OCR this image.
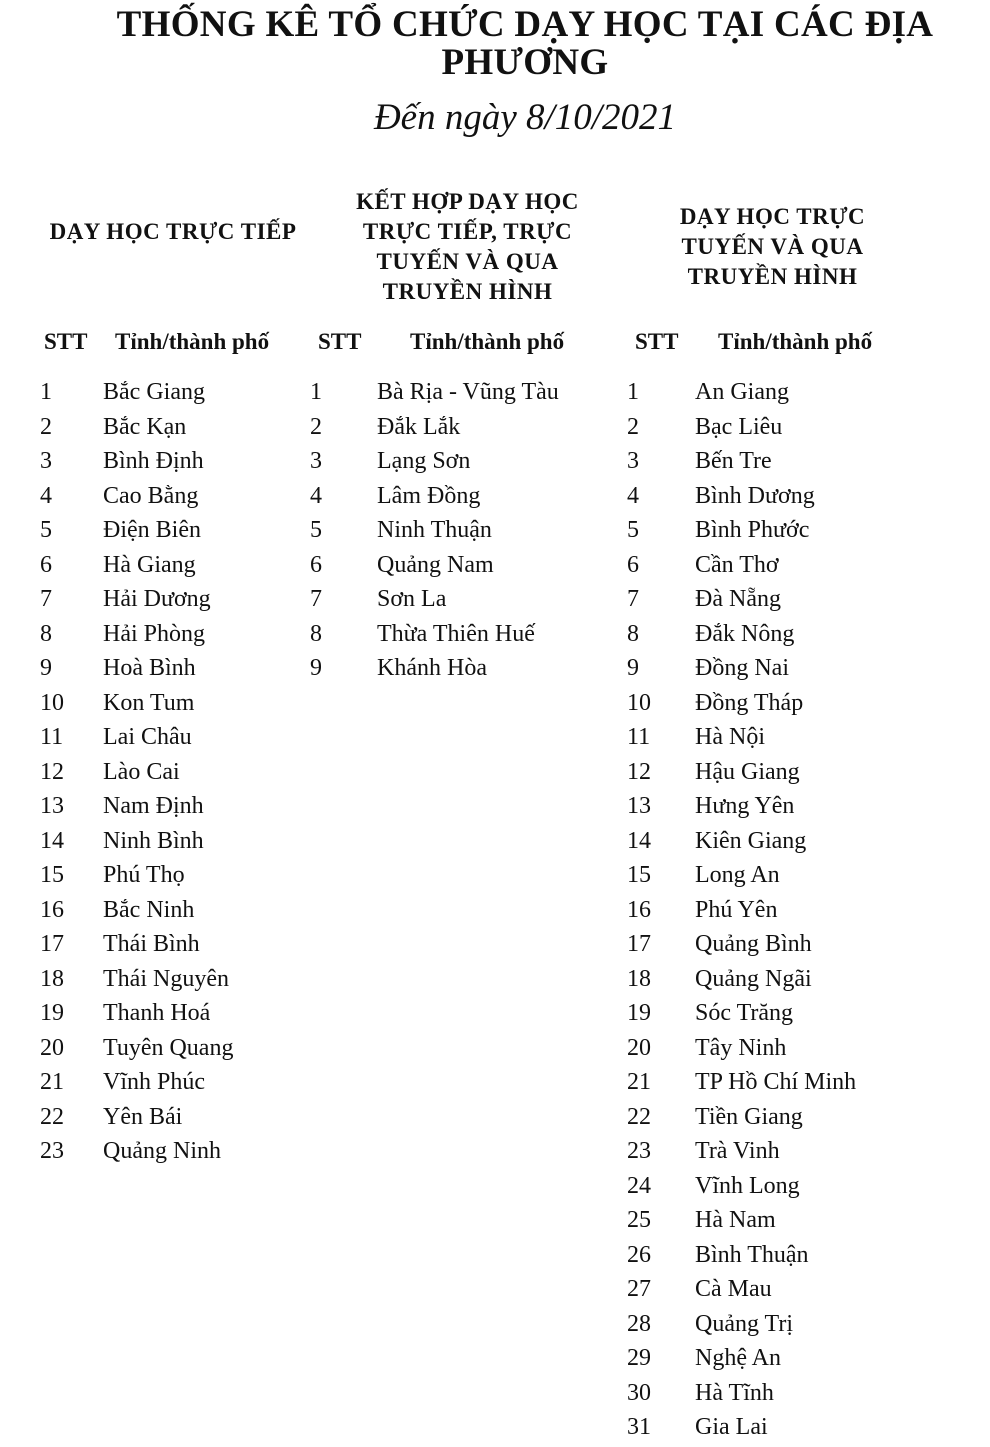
THỐNG KÊ TỔ CHỨC DẠY HỌC TẠI CÁC ĐỊA PHƯƠNG
Đến ngày 8/10/2021
DẠY HỌC TRỰC TIẾP
KẾT HỢP DẠY HỌC TRỰC TIẾP, TRỰC TUYẾN VÀ QUA TRUYỀN HÌNH
DẠY HỌC TRỰC TUYẾN VÀ QUA TRUYỀN HÌNH
STT Tỉnh/thành phố STT Tỉnh/thành phố	STT Tỉnh/thành phố
1 Bắc Giang
2 Bắc Kạn
3 Bình Định
4 Cao Bằng
5 Điện Biên
6 Hà Giang
7 Hải Dương
8 Hải Phòng
9 Hoà Bình
10 Kon Tum
11 Lai Châu
12 Lào Cai
13 Nam Định
14 Ninh Bình
15 Phú Thọ
16 Bắc Ninh
17 Thái Bình
18 Thái Nguyên
19 Thanh Hoá
20 Tuyên Quang
21 Vĩnh Phúc
22 Yên Bái
23 Quảng Ninh
1 Bà Rịa - Vũng Tàu
2 Đắk Lắk
3 Lạng Sơn
4 Lâm Đồng
5 Ninh Thuận
6 Quảng Nam
7 Sơn La
8 Thừa Thiên Huế
9 Khánh Hòa
1 An Giang
2 Bạc Liêu
3 Bến Tre
4 Bình Dương
5 Bình Phước
6 Cần Thơ
7 Đà Nẵng
8 Đắk Nông
9 Đồng Nai
10 Đồng Tháp
11 Hà Nội
12 Hậu Giang
13 Hưng Yên
14 Kiên Giang
15 Long An
16 Phú Yên
17 Quảng Bình
18 Quảng Ngãi
19 Sóc Trăng
20 Tây Ninh
21 TP Hồ Chí Minh
22 Tiền Giang
23 Trà Vinh
24 Vĩnh Long
25 Hà Nam
26 Bình Thuận
27 Cà Mau
28 Quảng Trị
29 Nghệ An
30 Hà Tĩnh
31 Gia Lai
